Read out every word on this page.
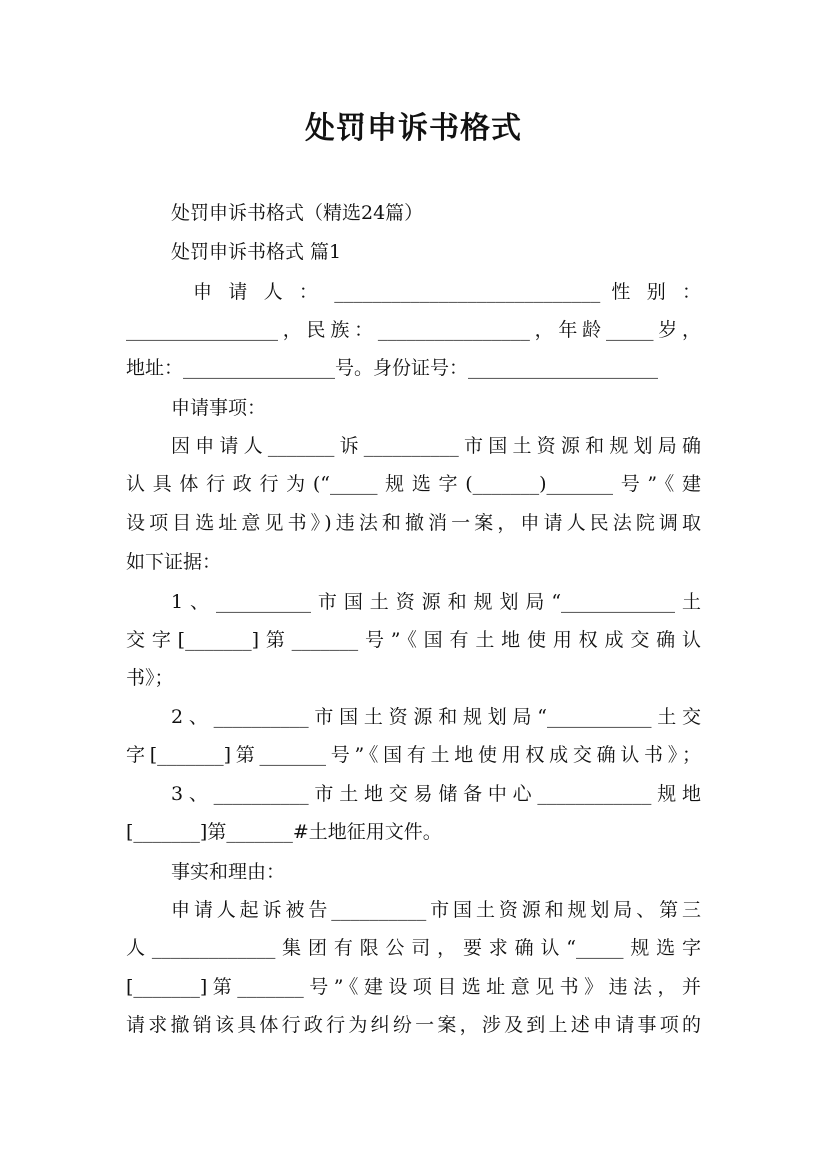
处罚申诉书格式
处罚申诉书格式（精选24篇）
处罚申诉书格式 篇1
申 请 人 ： ____________________________ 性 别 ：
________________，民族：________________，年龄_____岁，
地址：________________号。身份证号：____________________
申请事项：
因申请人_______诉__________市国土资源和规划局确
认具体行政行为(“_____规选字(_______)_______号”《建
设项目选址意见书》)违法和撤消一案，申请人民法院调取
如下证据：
1、__________市国土资源和规划局“____________土
交字[_______]第_______号”《国有土地使用权成交确认
书》；
2、__________市国土资源和规划局“___________土交
字[_______]第_______号”《国有土地使用权成交确认书》；
3、__________市土地交易储备中心____________规地
[_______]第_______#土地征用文件。
事实和理由：
申请人起诉被告__________市国土资源和规划局、第三
人_____________集团有限公司，要求确认“_____规选字
[_______]第_______号”《建设项目选址意见书》违法，并
请求撤销该具体行政行为纠纷一案，涉及到上述申请事项的
